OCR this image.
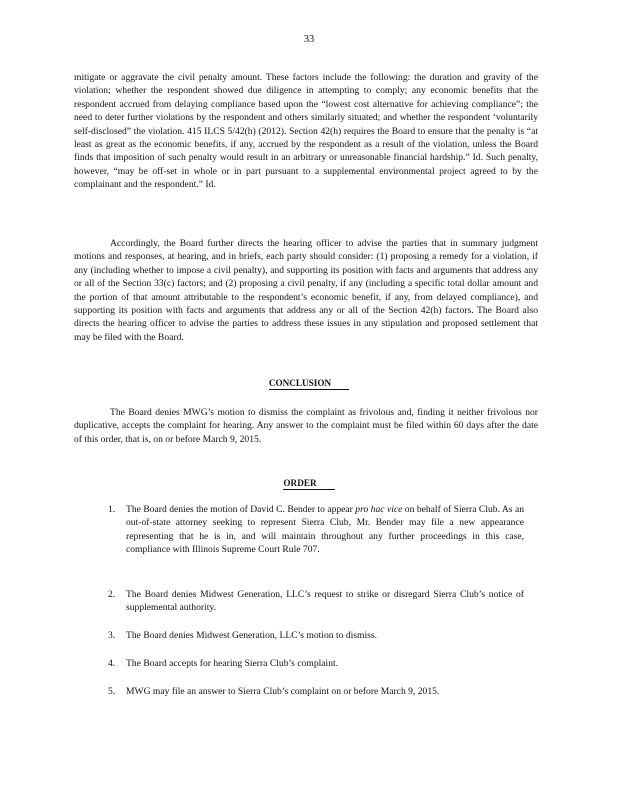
33

mitigate or aggravate the civil penalty amount. These factors include the following: the duration and gravity of the violation; whether the respondent showed due diligence in attempting to comply; any economic benefits that the respondent accrued from delaying compliance based upon the “lowest cost alternative for achieving compliance”; the need to deter further violations by the respondent and others similarly situated; and whether the respondent ‘voluntarily self-disclosed” the violation. 415 ILCS 5/42(h) (2012). Section 42(h) requires the Board to ensure that the penalty is “at least as great as the economic benefits, if any, accrued by the respondent as a result of the violation, unless the Board finds that imposition of such penalty would result in an arbitrary or unreasonable financial hardship.” Id. Such penalty, however, “may be off-set in whole or in part pursuant to a supplemental environmental project agreed to by the complainant and the respondent.” Id.

Accordingly, the Board further directs the hearing officer to advise the parties that in summary judgment motions and responses, at hearing, and in briefs, each party should consider: (1) proposing a remedy for a violation, if any (including whether to impose a civil penalty), and supporting its position with facts and arguments that address any or all of the Section 33(c) factors; and (2) proposing a civil penalty, if any (including a specific total dollar amount and the portion of that amount attributable to the respondent’s economic benefit, if any, from delayed compliance), and supporting its position with facts and arguments that address any or all of the Section 42(h) factors. The Board also directs the hearing officer to advise the parties to address these issues in any stipulation and proposed settlement that may be filed with the Board.

CONCLUSION

The Board denies MWG’s motion to dismiss the complaint as frivolous and, finding it neither frivolous nor duplicative, accepts the complaint for hearing. Any answer to the complaint must be filed within 60 days after the date of this order, that is, on or before March 9, 2015.

ORDER
1.	The Board denies the motion of David C. Bender to appear pro hac vice on behalf of Sierra Club. As an out-of-state attorney seeking to represent Sierra Club, Mr. Bender may file a new appearance representing that he is in, and will maintain throughout any further proceedings in this case, compliance with Illinois Supreme Court Rule 707.
2.	The Board denies Midwest Generation, LLC’s request to strike or disregard Sierra Club’s notice of supplemental authority.
3.	The Board denies Midwest Generation, LLC’s motion to dismiss.
4.	The Board accepts for hearing Sierra Club’s complaint.
5.	MWG may file an answer to Sierra Club’s complaint on or before March 9, 2015.
